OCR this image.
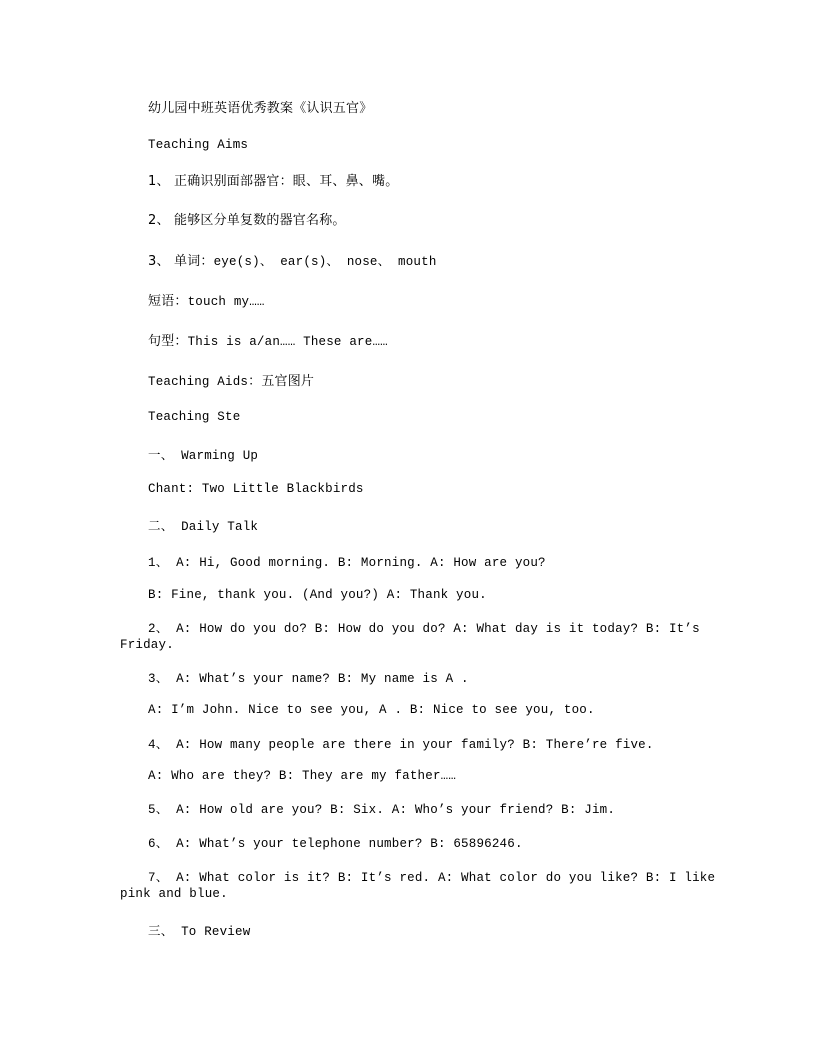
幼儿园中班英语优秀教案《认识五官》
Teaching Aims
1、 正确识别面部器官：眼、耳、鼻、嘴。
2、 能够区分单复数的器官名称。
3、 单词：eye(s)、 ear(s)、 nose、 mouth
短语：touch my……
句型：This is a/an…… These are……
Teaching Aids：五官图片
Teaching Ste
一、 Warming Up
Chant: Two Little Blackbirds
二、 Daily Talk
1、 A: Hi, Good morning. B: Morning. A: How are you?
B: Fine, thank you. (And you?) A: Thank you.
2、 A: How do you do? B: How do you do? A: What day is it today? B: It’s Friday.
3、 A: What’s your name? B: My name is A .
A: I’m John. Nice to see you, A . B: Nice to see you, too.
4、 A: How many people are there in your family? B: There’re five.
A: Who are they? B: They are my father……
5、 A: How old are you? B: Six. A: Who’s your friend? B: Jim.
6、 A: What’s your telephone number? B: 65896246.
7、 A: What color is it? B: It’s red. A: What color do you like? B: I like pink and blue.
三、 To Review
